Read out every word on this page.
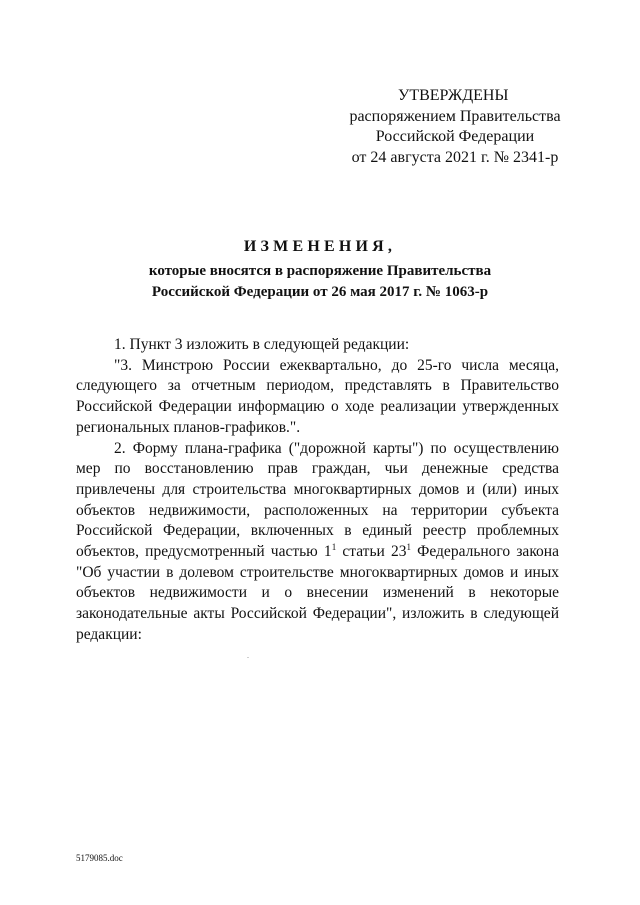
УТВЕРЖДЕНЫ
распоряжением Правительства
Российской Федерации
от 24 августа 2021 г. № 2341-р
ИЗМЕНЕНИЯ,
которые вносятся в распоряжение Правительства
Российской Федерации от 26 мая 2017 г. № 1063-р

1. Пункт 3 изложить в следующей редакции:

"3. Минстрою России ежеквартально, до 25-го числа месяца, следующего за отчетным периодом, представлять в Правительство Российской Федерации информацию о ходе реализации утвержденных региональных планов-графиков.".

2. Форму плана-графика ("дорожной карты") по осуществлению мер по восстановлению прав граждан, чьи денежные средства привлечены для строительства многоквартирных домов и (или) иных объектов недвижимости, расположенных на территории субъекта Российской Федерации, включенных в единый реестр проблемных объектов, предусмотренный частью $1^1$ статьи $23^1$ Федерального закона "Об участии в долевом строительстве многоквартирных домов и иных объектов недвижимости и о внесении изменений в некоторые законодательные акты Российской Федерации", изложить в следующей редакции:

5179085.doc
